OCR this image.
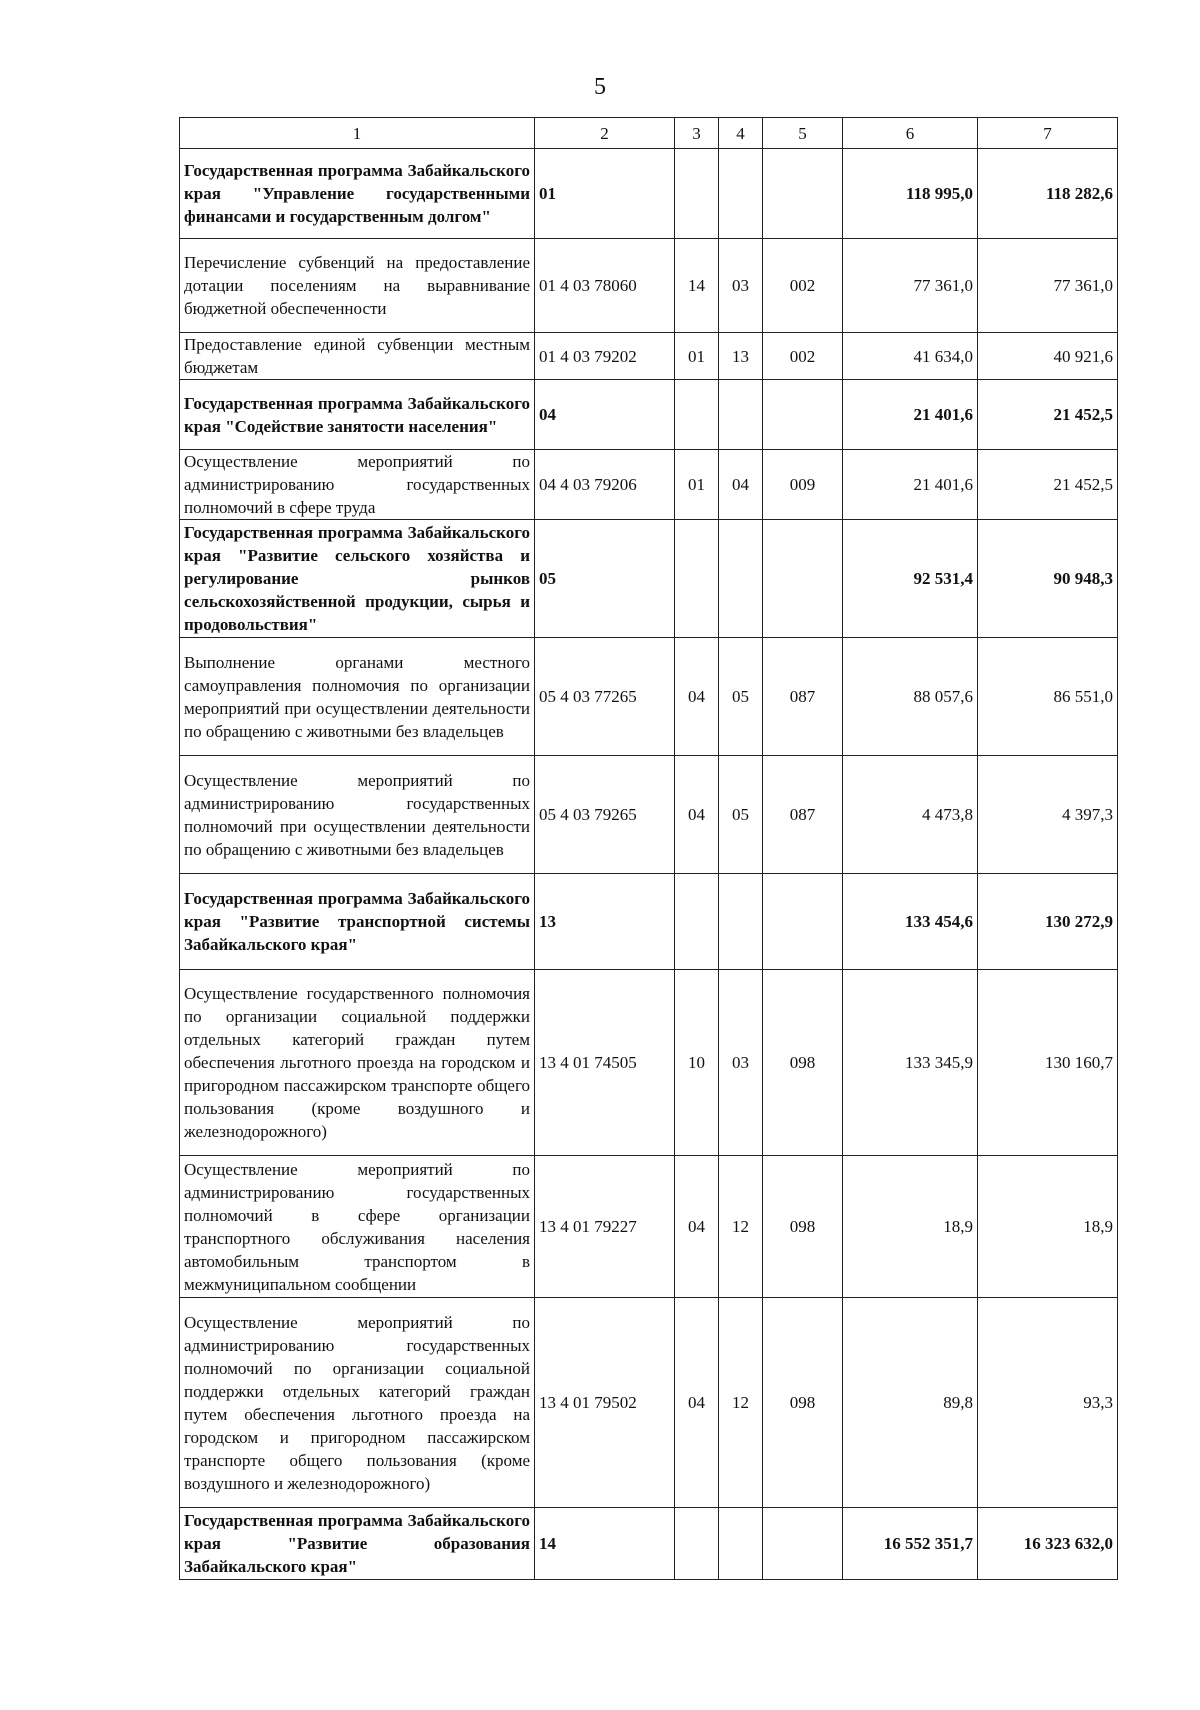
5
1	2	3	4	5	6	7
Государственная программа Забайкальского края "Управление государственными финансами и государственным долгом"	01				118 995,0	118 282,6
Перечисление субвенций на предоставление дотации поселениям на выравнивание бюджетной обеспеченности	01 4 03 78060	14	03	002	77 361,0	77 361,0
Предоставление единой субвенции местным бюджетам	01 4 03 79202	01	13	002	41 634,0	40 921,6
Государственная программа Забайкальского края "Содействие занятости населения"	04				21 401,6	21 452,5
Осуществление мероприятий по администрированию государственных полномочий в сфере труда	04 4 03 79206	01	04	009	21 401,6	21 452,5
Государственная программа Забайкальского края "Развитие сельского хозяйства и регулирование рынков сельскохозяйственной продукции, сырья и продовольствия"	05				92 531,4	90 948,3
Выполнение органами местного самоуправления полномочия по организации мероприятий при осуществлении деятельности по обращению с животными без владельцев	05 4 03 77265	04	05	087	88 057,6	86 551,0
Осуществление мероприятий по администрированию государственных полномочий при осуществлении деятельности по обращению с животными без владельцев	05 4 03 79265	04	05	087	4 473,8	4 397,3
Государственная программа Забайкальского края "Развитие транспортной системы Забайкальского края"	13				133 454,6	130 272,9
Осуществление государственного полномочия по организации социальной поддержки отдельных категорий граждан путем обеспечения льготного проезда на городском и пригородном пассажирском транспорте общего пользования (кроме воздушного и железнодорожного)	13 4 01 74505	10	03	098	133 345,9	130 160,7
Осуществление мероприятий по администрированию государственных полномочий в сфере организации транспортного обслуживания населения автомобильным транспортом в межмуниципальном сообщении	13 4 01 79227	04	12	098	18,9	18,9
Осуществление мероприятий по администрированию государственных полномочий по организации социальной поддержки отдельных категорий граждан путем обеспечения льготного проезда на городском и пригородном пассажирском транспорте общего пользования (кроме воздушного и железнодорожного)	13 4 01 79502	04	12	098	89,8	93,3
Государственная программа Забайкальского края "Развитие образования Забайкальского края"	14				16 552 351,7	16 323 632,0
